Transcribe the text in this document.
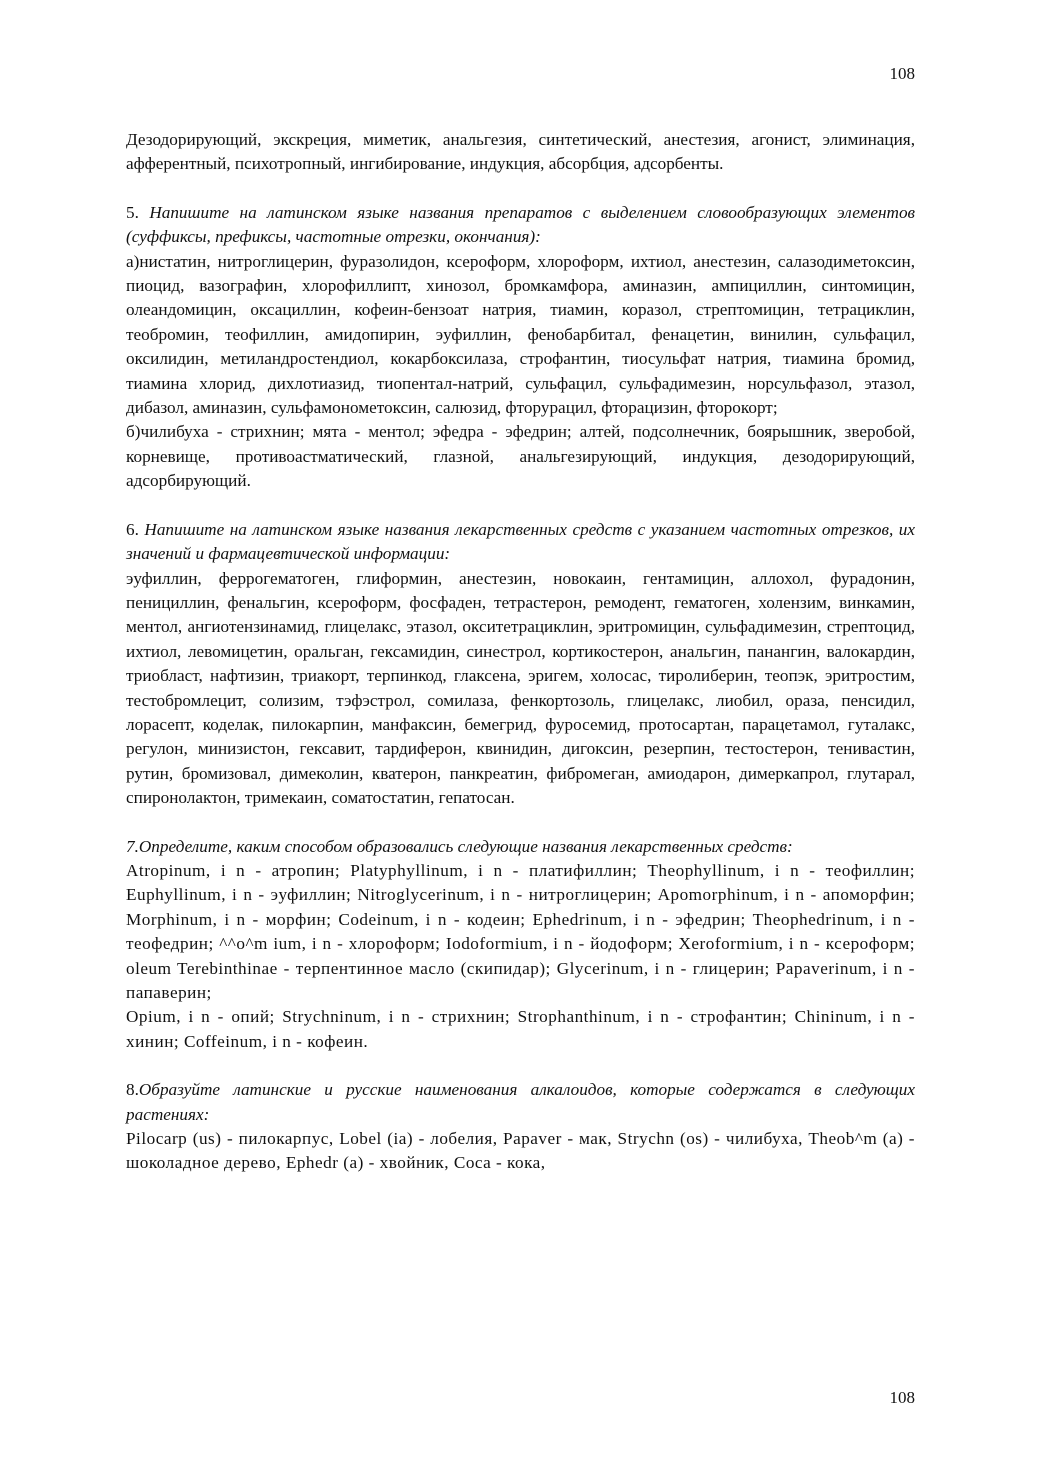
108

Дезодорирующий, экскреция, миметик, анальгезия, синтетический, анестезия, агонист, элиминация, афферентный, психотропный, ингибирование, индукция, абсорбция, адсорбенты.

5. Напишите на латинском языке названия препаратов с выделением словообразующих элементов (суффиксы, префиксы, частотные отрезки, окончания):

а)нистатин, нитроглицерин, фуразолидон, ксероформ, хлороформ, ихтиол, анестезин, салазодиметоксин, пиоцид, вазографин, хлорофиллипт, хинозол, бромкамфора, аминазин, ампициллин, синтомицин, олеандомицин, оксациллин, кофеин-бензоат натрия, тиамин, коразол, стрептомицин, тетрациклин, теобромин, теофиллин, амидопирин, эуфиллин, фенобарбитал, фенацетин, винилин, сульфацил, оксилидин, метиландростендиол, кокарбоксилаза, строфантин, тиосульфат натрия, тиамина бромид, тиамина хлорид, дихлотиазид, тиопентал-натрий, сульфацил, сульфадимезин, норсульфазол, этазол, дибазол, аминазин, сульфамонометоксин, салюзид, фторурацил, фторацизин, фторокорт;

б)чилибуха - стрихнин; мята - ментол; эфедра - эфедрин; алтей, подсолнечник, боярышник, зверобой, корневище, противоастматический, глазной, анальгезирующий, индукция, дезодорирующий, адсорбирующий.

6. Напишите на латинском языке названия лекарственных средств с указанием частотных отрезков, их значений и фармацевтической информации:

эуфиллин, феррогематоген, глиформин, анестезин, новокаин, гентамицин, аллохол, фурадонин, пенициллин, фенальгин, ксероформ, фосфаден, тетрастерон, ремодент, гематоген, холензим, винкамин, ментол, ангиотензинамид, глицелакс, этазол, окситетрациклин, эритромицин, сульфадимезин, стрептоцид, ихтиол, левомицетин, оральган, гексамидин, синестрол, кортикостерон, анальгин, панангин, валокардин, триобласт, нафтизин, триакорт, терпинкод, глаксена, эригем, холосас, тиролиберин, теопэк, эритростим, тестобромлецит, солизим, тэфэстрол, сомилаза, фенкортозоль, глицелакс, лиобил, ораза, пенсидил, лорасепт, коделак, пилокарпин, манфаксин, бемегрид, фуросемид, протосартан, парацетамол, гуталакс, регулон, минизистон, гексавит, тардиферон, квинидин, дигоксин, резерпин, тестостерон, тенивастин, рутин, бромизовал, димеколин, кватерон, панкреатин, фибромеган, амиодарон, димеркапрол, глутарал, спиронолактон, тримекаин, соматостатин, гепатосан.

7.Определите, каким способом образовались следующие названия лекарственных средств:

Atropinum, i n - атропин; Platyphyllinum, i n - платифиллин; Theophyllinum, i n - теофиллин; Euphyllinum, i n - эуфиллин; Nitroglycerinum, i n - нитроглицерин; Apomorphinum, i n - апоморфин; Morphinum, i n - морфин; Codeinum, i n - кодеин; Ephedrinum, i n - эфедрин; Theophedrinum, i n - теофедрин; ^^o^m ium, i n - хлороформ; Iodoformium, i n - йодоформ; Xeroformium, i n - ксероформ; oleum Terebinthinae - терпентинное масло (скипидар); Glycerinum, i n - глицерин; Papaverinum, i n - папаверин;

Opium, i n - опий; Strychninum, i n - стрихнин; Strophanthinum, i n - строфантин; Chininum, i n - хинин; Coffeinum, i n - кофеин.

8.Образуйте латинские и русские наименования алкалоидов, которые содержатся в следующих растениях:

Pilocarp (us) - пилокарпус, Lobel (ia) - лобелия, Papaver - мак, Strychn (os) - чилибуха, Theob^m (a) - шоколадное дерево, Ephedr (a) - хвойник, Coca - кока,

108
